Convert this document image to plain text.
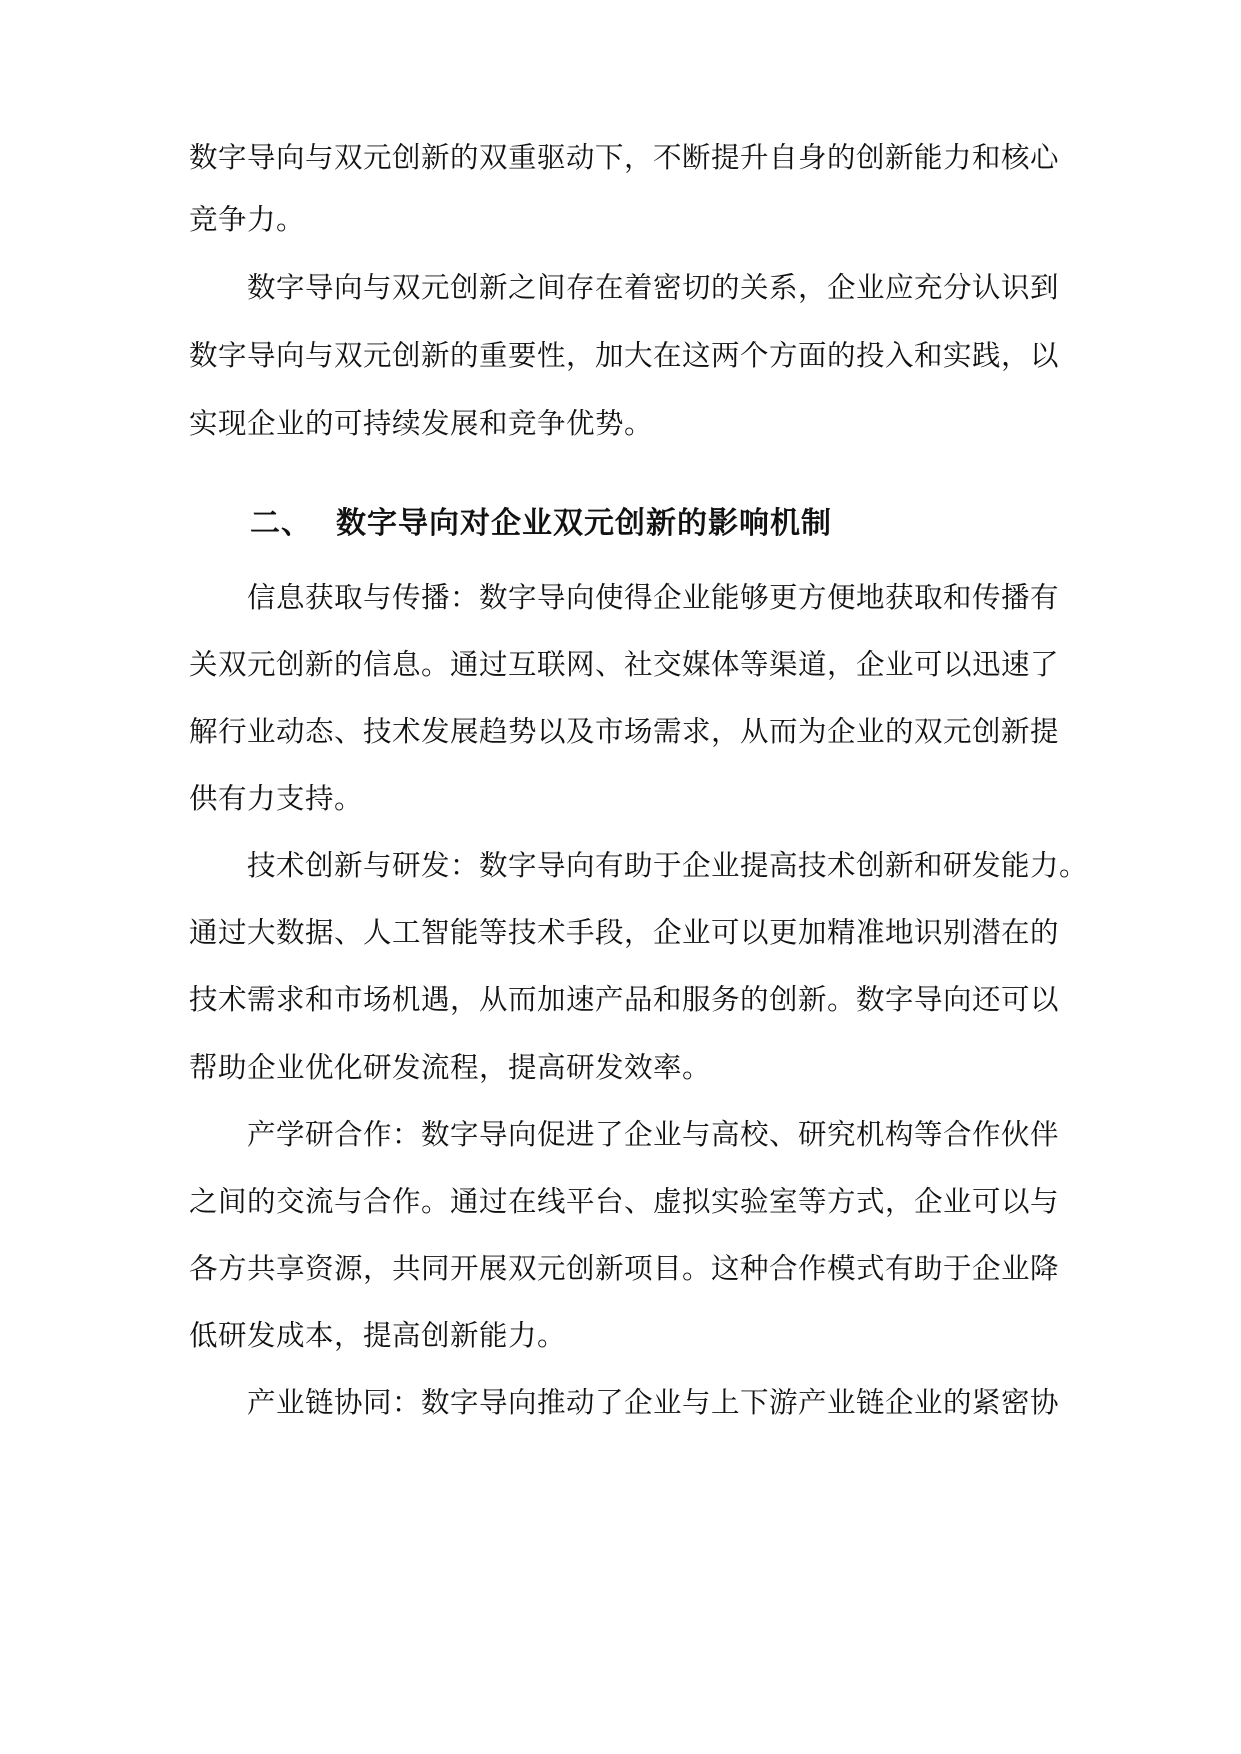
数字导向与双元创新的双重驱动下，不断提升自身的创新能力和核心
竞争力。
数字导向与双元创新之间存在着密切的关系，企业应充分认识到
数字导向与双元创新的重要性，加大在这两个方面的投入和实践，以
实现企业的可持续发展和竞争优势。
二、 数字导向对企业双元创新的影响机制
信息获取与传播：数字导向使得企业能够更方便地获取和传播有
关双元创新的信息。通过互联网、社交媒体等渠道，企业可以迅速了
解行业动态、技术发展趋势以及市场需求，从而为企业的双元创新提
供有力支持。
技术创新与研发：数字导向有助于企业提高技术创新和研发能力。
通过大数据、人工智能等技术手段，企业可以更加精准地识别潜在的
技术需求和市场机遇，从而加速产品和服务的创新。数字导向还可以
帮助企业优化研发流程，提高研发效率。
产学研合作：数字导向促进了企业与高校、研究机构等合作伙伴
之间的交流与合作。通过在线平台、虚拟实验室等方式，企业可以与
各方共享资源，共同开展双元创新项目。这种合作模式有助于企业降
低研发成本，提高创新能力。
产业链协同：数字导向推动了企业与上下游产业链企业的紧密协
